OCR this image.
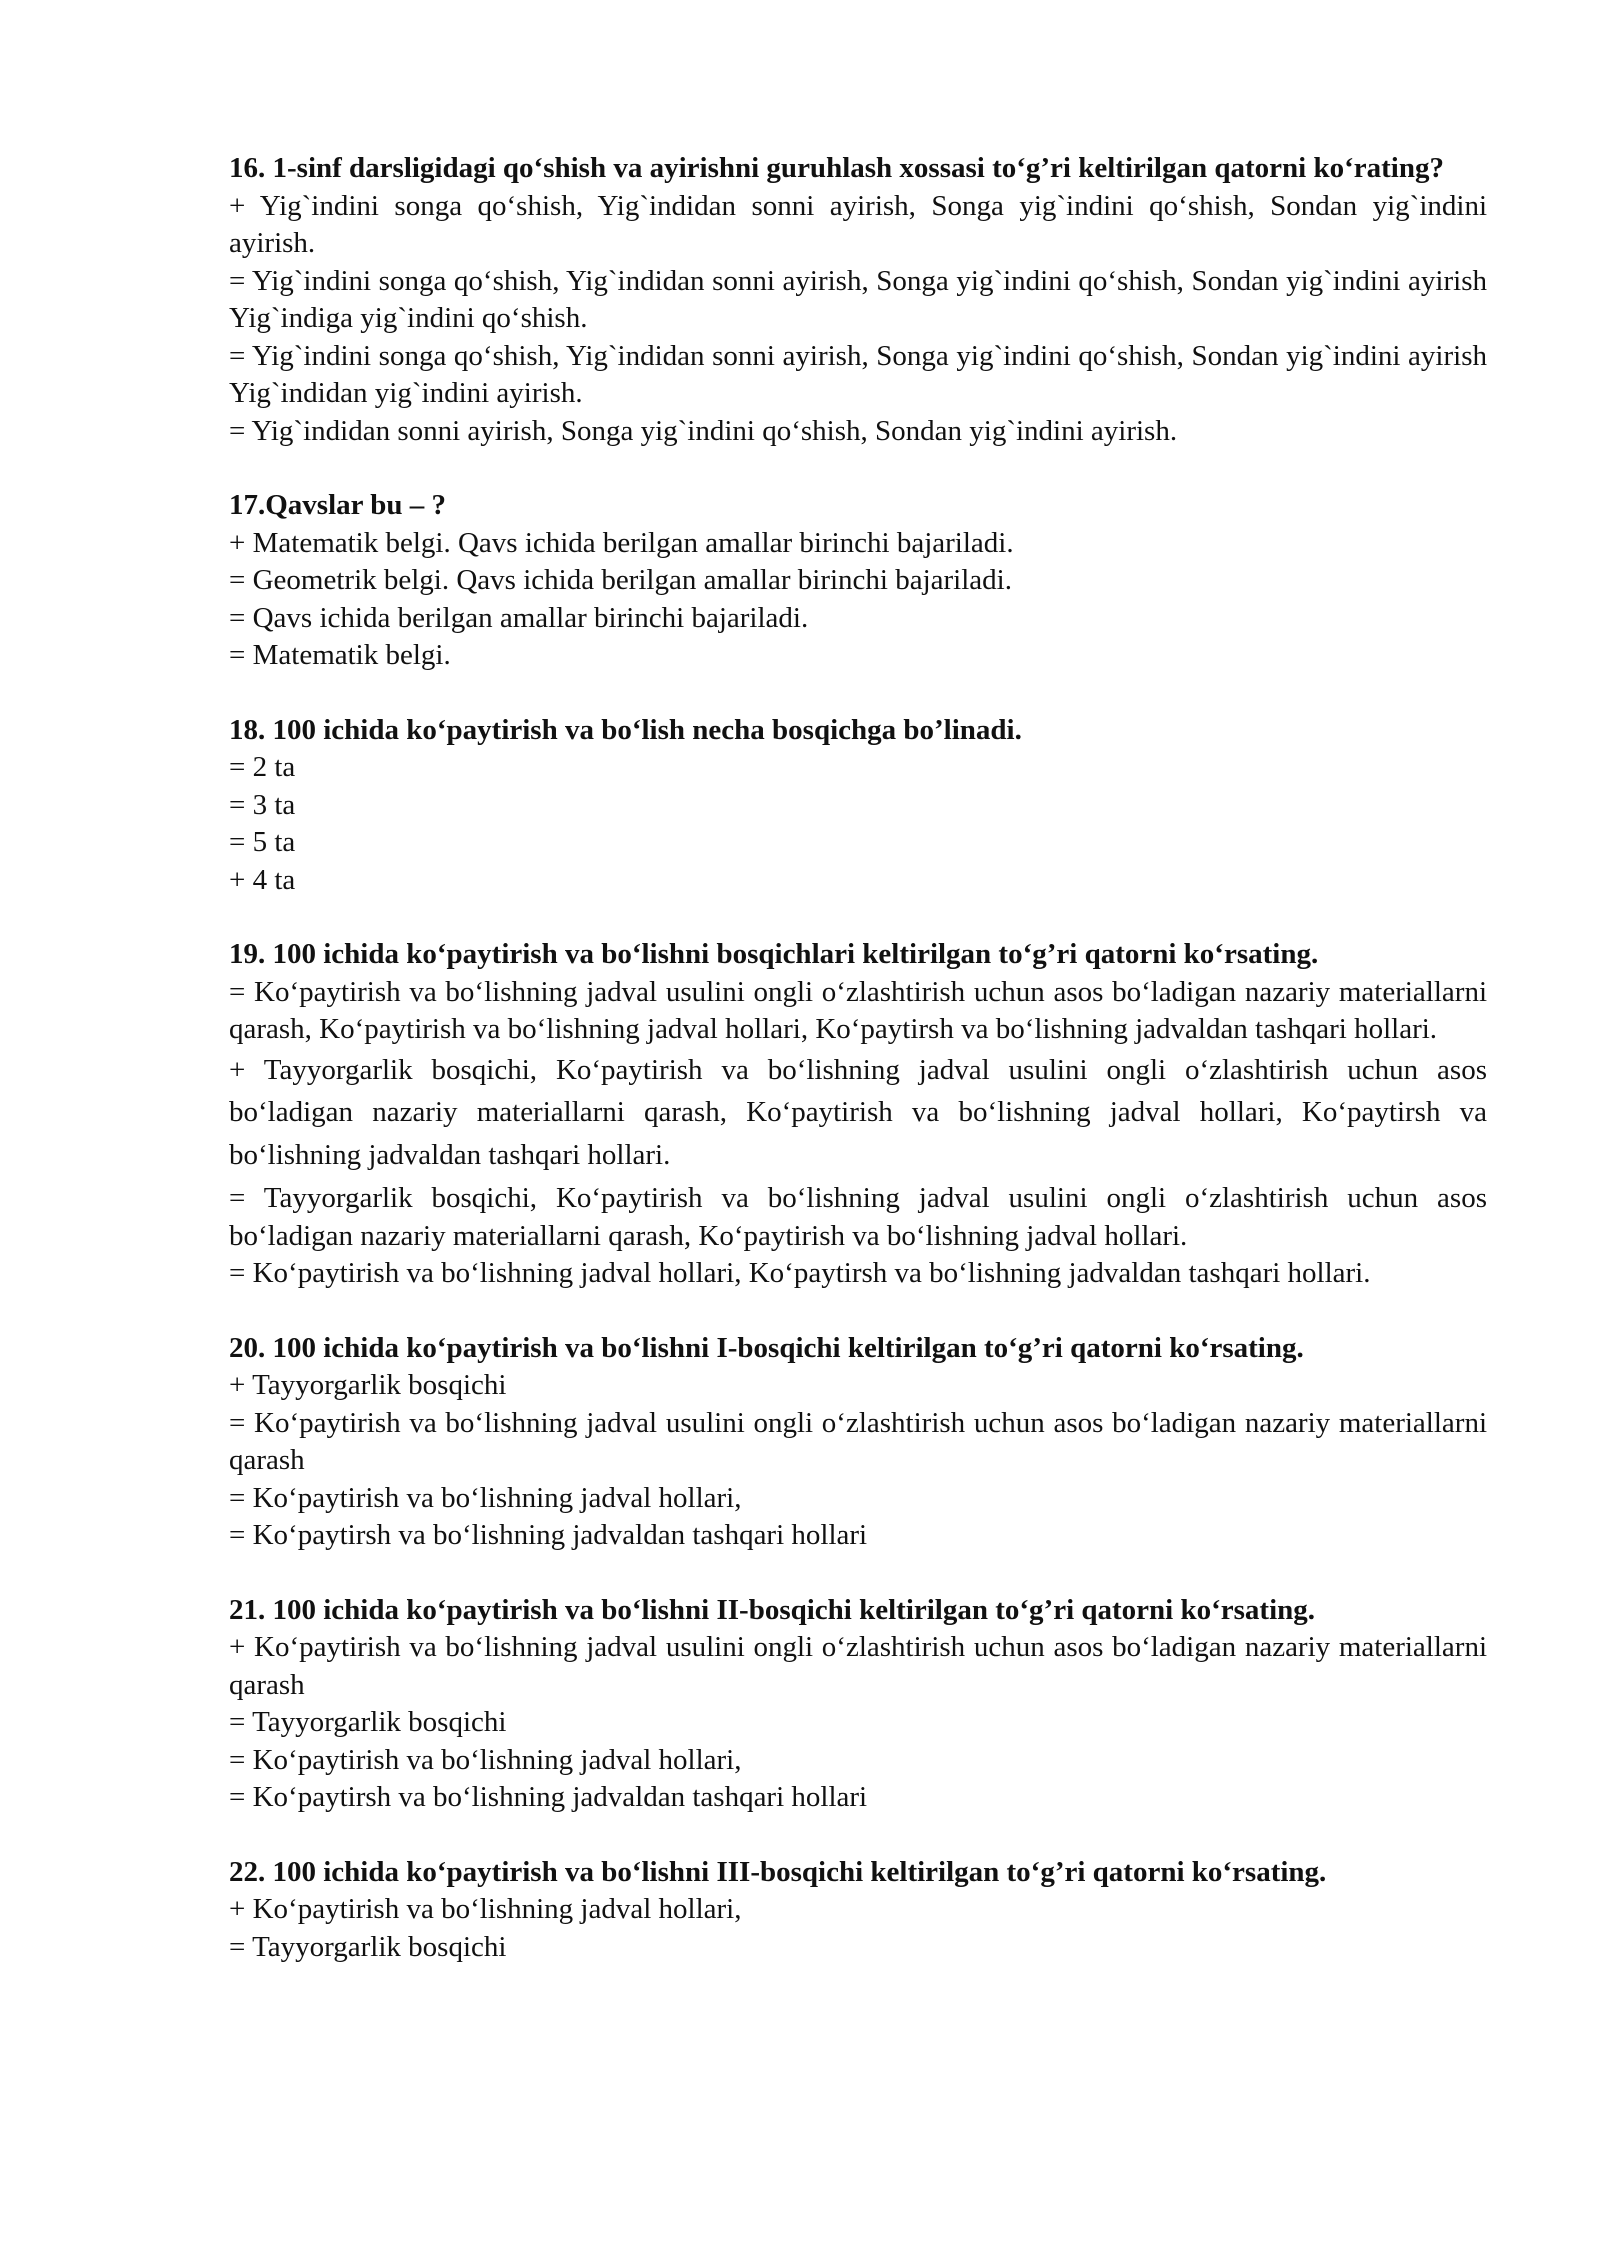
16. 1-sinf darsligidagi qo‘shish va ayirishni guruhlash xossasi to‘g’ri keltirilgan qatorni ko‘rating?

+ Yig`indini songa qo‘shish, Yig`indidan sonni ayirish, Songa yig`indini qo‘shish, Sondan yig`indini ayirish.

= Yig`indini songa qo‘shish, Yig`indidan sonni ayirish, Songa yig`indini qo‘shish, Sondan yig`indini ayirish Yig`indiga yig`indini qo‘shish.

= Yig`indini songa qo‘shish, Yig`indidan sonni ayirish, Songa yig`indini qo‘shish, Sondan yig`indini ayirish Yig`indidan yig`indini ayirish.

= Yig`indidan sonni ayirish, Songa yig`indini qo‘shish, Sondan yig`indini ayirish.

17.Qavslar bu – ?

+ Matematik belgi. Qavs ichida berilgan amallar birinchi bajariladi.

= Geometrik belgi. Qavs ichida berilgan amallar birinchi bajariladi.

= Qavs ichida berilgan amallar birinchi bajariladi.

= Matematik belgi.

18. 100 ichida ko‘paytirish va bo‘lish necha bosqichga bo’linadi.

= 2 ta

= 3 ta

= 5 ta

+ 4 ta

19. 100 ichida ko‘paytirish va bo‘lishni bosqichlari keltirilgan to‘g’ri qatorni ko‘rsating.

= Ko‘paytirish va bo‘lishning jadval usulini ongli o‘zlashtirish uchun asos bo‘ladigan nazariy materiallarni qarash, Ko‘paytirish va bo‘lishning jadval hollari, Ko‘paytirsh va bo‘lishning jadvaldan tashqari hollari.

+ Tayyorgarlik bosqichi, Ko‘paytirish va bo‘lishning jadval usulini ongli o‘zlashtirish uchun asos bo‘ladigan nazariy materiallarni qarash, Ko‘paytirish va bo‘lishning jadval hollari, Ko‘paytirsh va bo‘lishning jadvaldan tashqari hollari.

= Tayyorgarlik bosqichi, Ko‘paytirish va bo‘lishning jadval usulini ongli o‘zlashtirish uchun asos bo‘ladigan nazariy materiallarni qarash, Ko‘paytirish va bo‘lishning jadval hollari.

= Ko‘paytirish va bo‘lishning jadval hollari, Ko‘paytirsh va bo‘lishning jadvaldan tashqari hollari.

20. 100 ichida ko‘paytirish va bo‘lishni I-bosqichi keltirilgan to‘g’ri qatorni ko‘rsating.

+ Tayyorgarlik bosqichi

= Ko‘paytirish va bo‘lishning jadval usulini ongli o‘zlashtirish uchun asos bo‘ladigan nazariy materiallarni qarash

= Ko‘paytirish va bo‘lishning jadval hollari,

= Ko‘paytirsh va bo‘lishning jadvaldan tashqari hollari

21. 100 ichida ko‘paytirish va bo‘lishni II-bosqichi keltirilgan to‘g’ri qatorni ko‘rsating.

+ Ko‘paytirish va bo‘lishning jadval usulini ongli o‘zlashtirish uchun asos bo‘ladigan nazariy materiallarni qarash

= Tayyorgarlik bosqichi

= Ko‘paytirish va bo‘lishning jadval hollari,

= Ko‘paytirsh va bo‘lishning jadvaldan tashqari hollari

22. 100 ichida ko‘paytirish va bo‘lishni III-bosqichi keltirilgan to‘g’ri qatorni ko‘rsating.

+ Ko‘paytirish va bo‘lishning jadval hollari,

= Tayyorgarlik bosqichi
